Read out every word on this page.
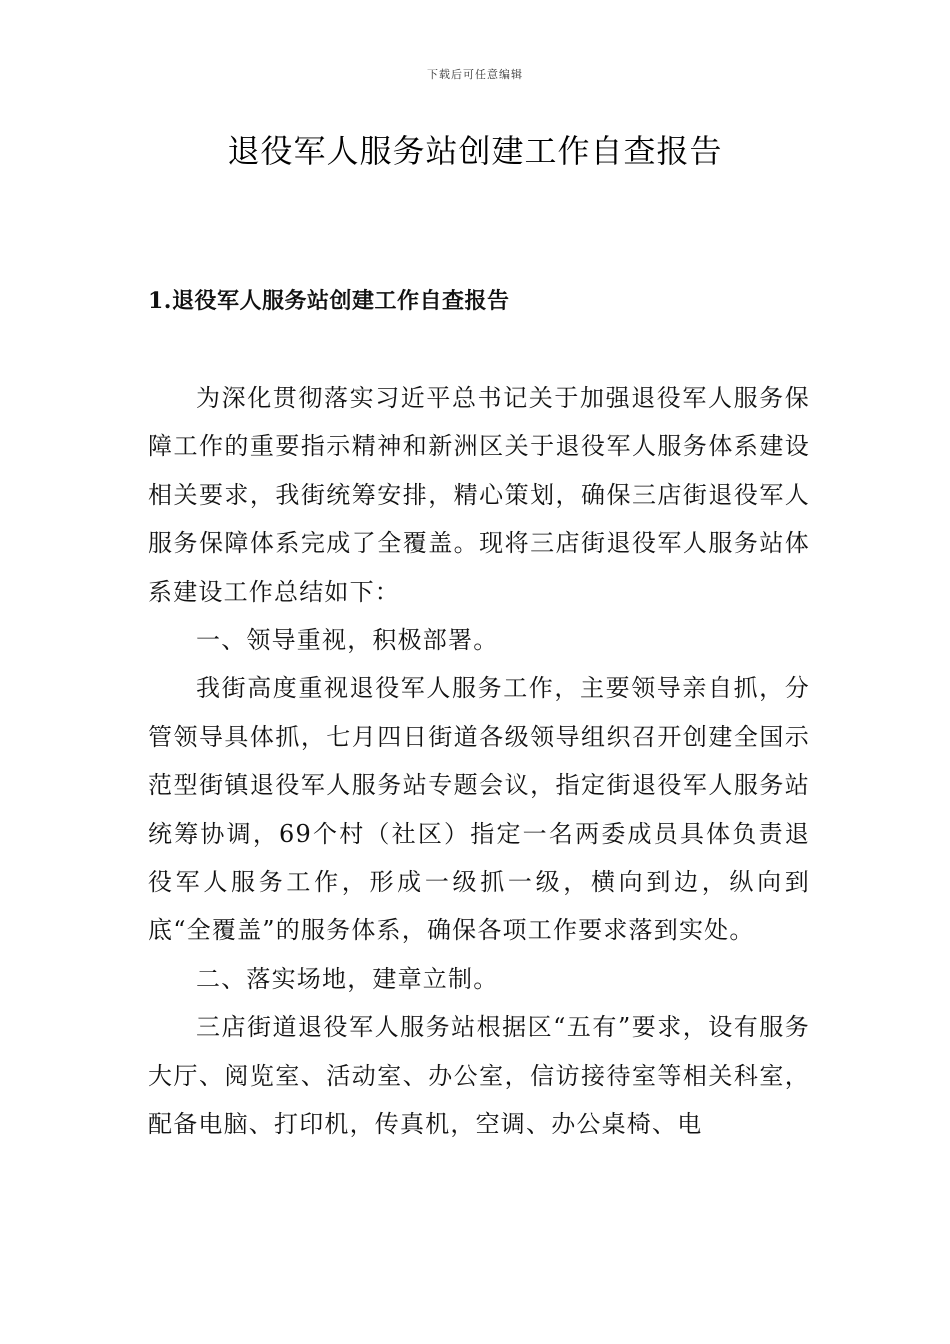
下载后可任意编辑
退役军人服务站创建工作自查报告
1.退役军人服务站创建工作自查报告

为深化贯彻落实习近平总书记关于加强退役军人服务保障工作的重要指示精神和新洲区关于退役军人服务体系建设相关要求，我街统筹安排，精心策划，确保三店街退役军人服务保障体系完成了全覆盖。现将三店街退役军人服务站体系建设工作总结如下：

一、领导重视，积极部署。

我街高度重视退役军人服务工作，主要领导亲自抓，分管领导具体抓，七月四日街道各级领导组织召开创建全国示范型街镇退役军人服务站专题会议，指定街退役军人服务站统筹协调，69个村（社区）指定一名两委成员具体负责退役军人服务工作，形成一级抓一级，横向到边，纵向到底“全覆盖”的服务体系，确保各项工作要求落到实处。

二、落实场地，建章立制。

三店街道退役军人服务站根据区“五有”要求，设有服务大厅、阅览室、活动室、办公室，信访接待室等相关科室，配备电脑、打印机，传真机，空调、办公桌椅、电
